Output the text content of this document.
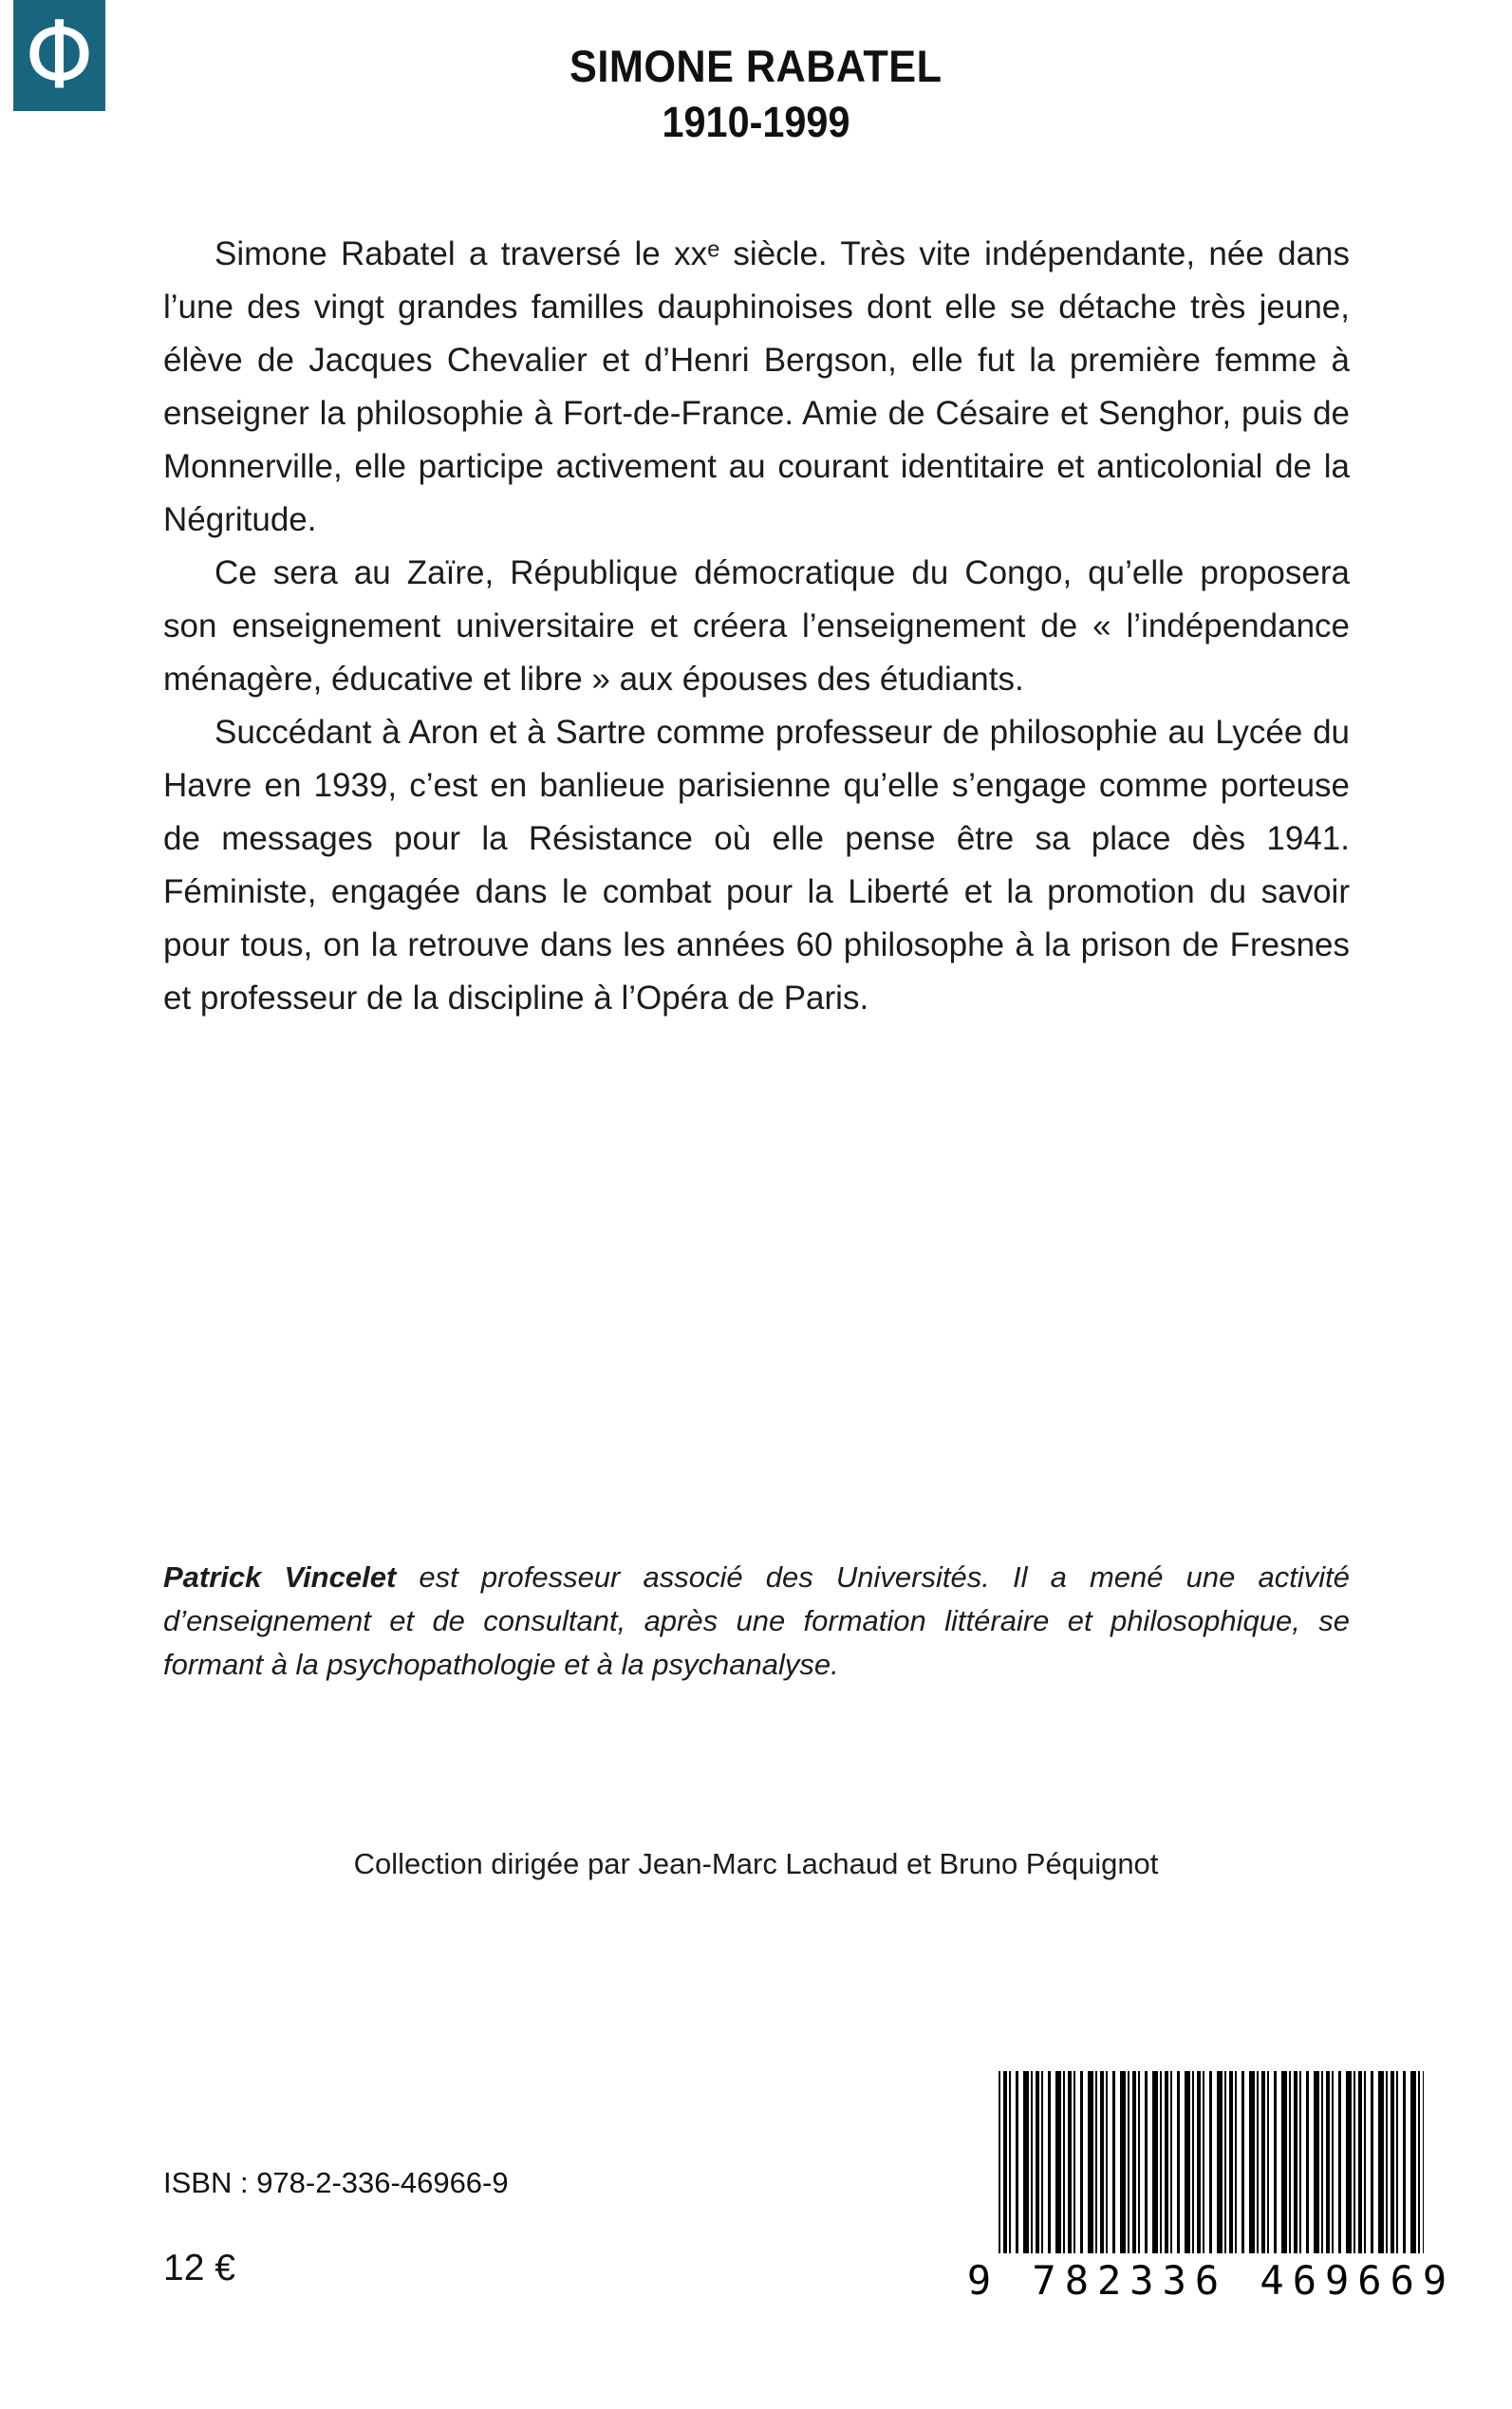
Φ	SIMONE RABATEL
1910-1999

Simone Rabatel a traversé le xxᵉ siècle. Très vite indépendante, née dans l’une des vingt grandes familles dauphinoises dont elle se détache très jeune, élève de Jacques Chevalier et d’Henri Bergson, elle fut la première femme à enseigner la philosophie à Fort-de-France. Amie de Césaire et Senghor, puis de Monnerville, elle participe activement au courant identitaire et anticolonial de la Négritude.

Ce sera au Zaïre, République démocratique du Congo, qu’elle proposera son enseignement universitaire et créera l’enseignement de « l’indépendance ménagère, éducative et libre » aux épouses des étudiants.

Succédant à Aron et à Sartre comme professeur de philosophie au Lycée du Havre en 1939, c’est en banlieue parisienne qu’elle s’engage comme porteuse de messages pour la Résistance où elle pense être sa place dès 1941. Féministe, engagée dans le combat pour la Liberté et la promotion du savoir pour tous, on la retrouve dans les années 60 philosophe à la prison de Fresnes et professeur de la discipline à l’Opéra de Paris.

Patrick Vincelet est professeur associé des Universités. Il a mené une activité d’enseignement et de consultant, après une formation littéraire et philosophique, se formant à la psychopathologie et à la psychanalyse.

Collection dirigée par Jean-Marc Lachaud et Bruno Péquignot
ISBN : 978-2-336-46966-9
12 €	9 782336 469669
